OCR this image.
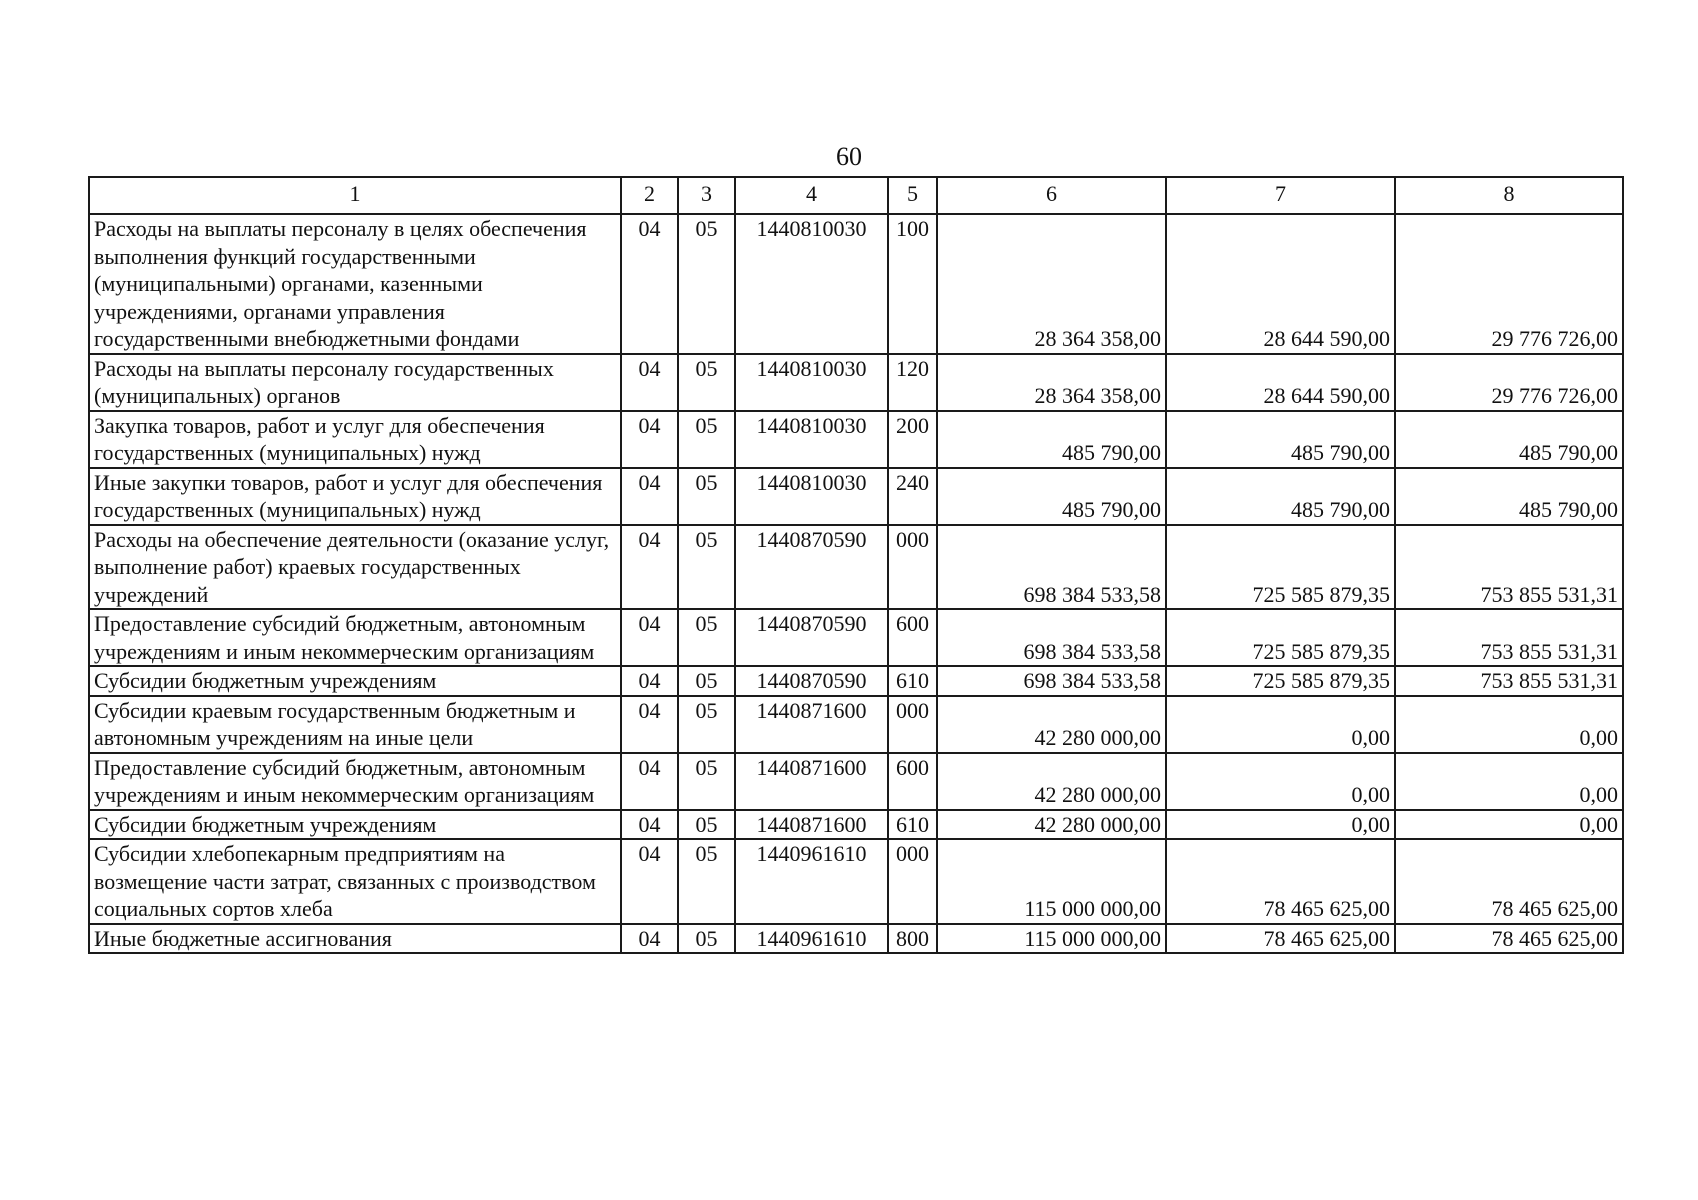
60
1	2	3	4	5	6	7	8
Расходы на выплаты персоналу в целях обеспечения выполнения функций государственными (муниципальными) органами, казенными учреждениями, органами управления государственными внебюджетными фондами	04	05	1440810030	100	28 364 358,00	28 644 590,00	29 776 726,00
Расходы на выплаты персоналу государственных (муниципальных) органов	04	05	1440810030	120	28 364 358,00	28 644 590,00	29 776 726,00
Закупка товаров, работ и услуг для обеспечения государственных (муниципальных) нужд	04	05	1440810030	200	485 790,00	485 790,00	485 790,00
Иные закупки товаров, работ и услуг для обеспечения государственных (муниципальных) нужд	04	05	1440810030	240	485 790,00	485 790,00	485 790,00
Расходы на обеспечение деятельности (оказание услуг, выполнение работ) краевых государственных учреждений	04	05	1440870590	000	698 384 533,58	725 585 879,35	753 855 531,31
Предоставление субсидий бюджетным, автономным учреждениям и иным некоммерческим организациям	04	05	1440870590	600	698 384 533,58	725 585 879,35	753 855 531,31
Субсидии бюджетным учреждениям	04	05	1440870590	610	698 384 533,58	725 585 879,35	753 855 531,31
Субсидии краевым государственным бюджетным и автономным учреждениям на иные цели	04	05	1440871600	000	42 280 000,00	0,00	0,00
Предоставление субсидий бюджетным, автономным учреждениям и иным некоммерческим организациям	04	05	1440871600	600	42 280 000,00	0,00	0,00
Субсидии бюджетным учреждениям	04	05	1440871600	610	42 280 000,00	0,00	0,00
Субсидии хлебопекарным предприятиям на возмещение части затрат, связанных с производством социальных сортов хлеба	04	05	1440961610	000	115 000 000,00	78 465 625,00	78 465 625,00
Иные бюджетные ассигнования	04	05	1440961610	800	115 000 000,00	78 465 625,00	78 465 625,00
